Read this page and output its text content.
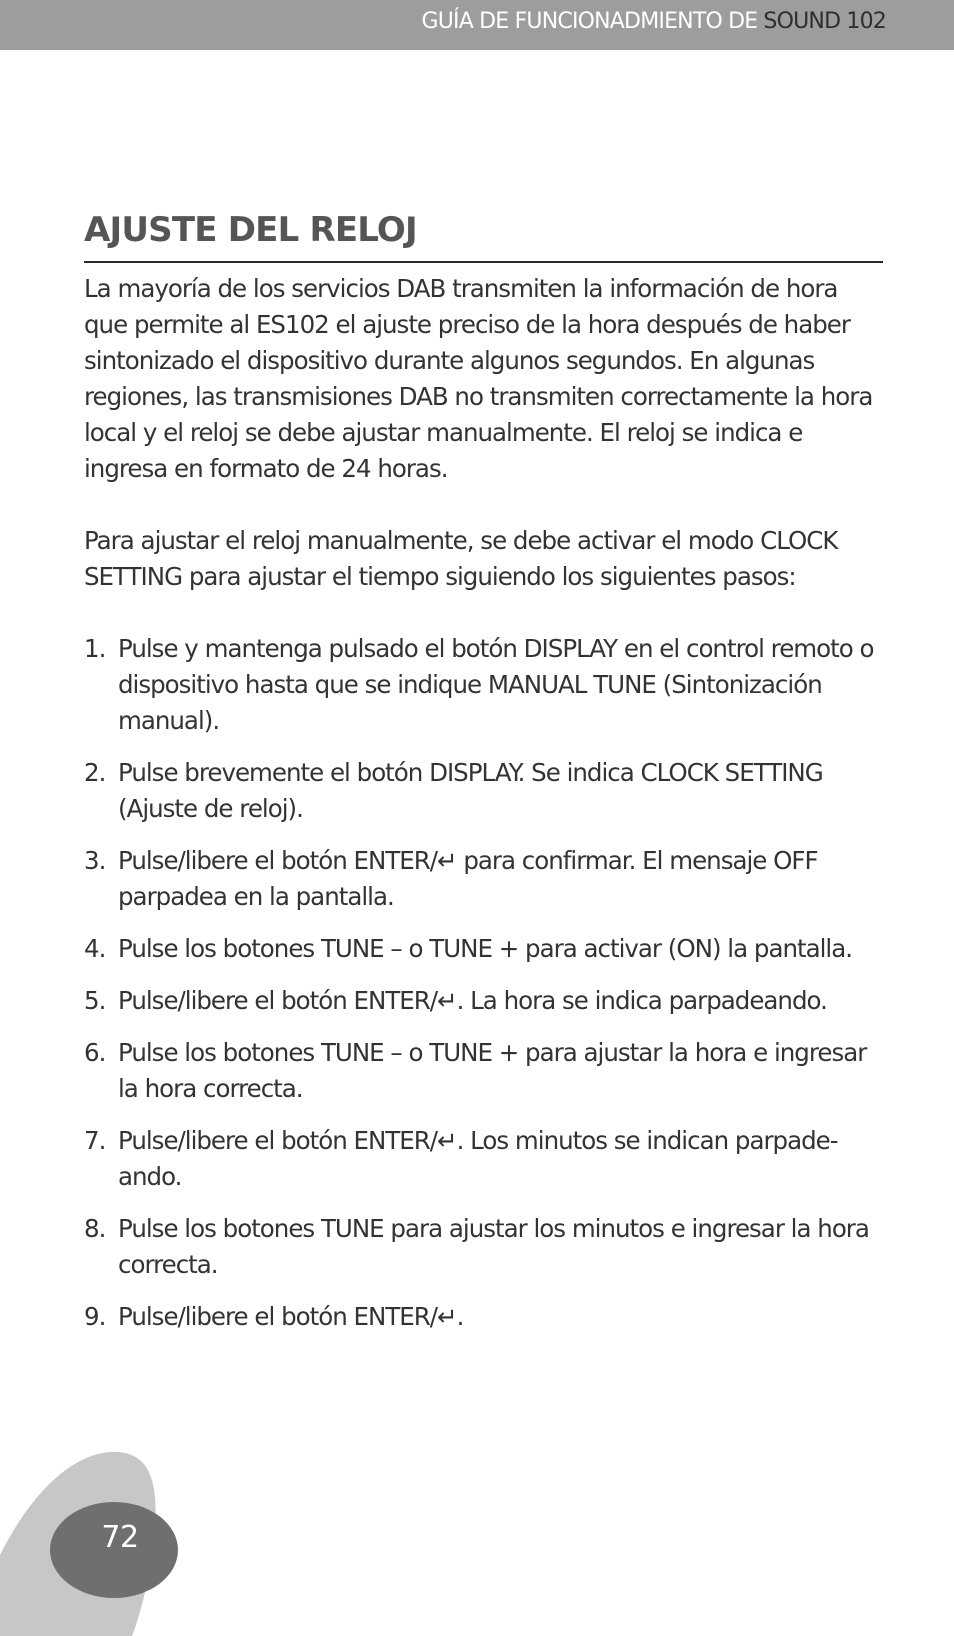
GUÍA DE FUNCIONADMIENTO DE SOUND 102
AJUSTE DEL RELOJ

La mayoría de los servicios DAB transmiten la información de hora que permite al ES102 el ajuste preciso de la hora después de haber sintonizado el dispositivo durante algunos segundos. En algunas regiones, las transmisiones DAB no transmiten correctamente la hora local y el reloj se debe ajustar manualmente. El reloj se indica e ingresa en formato de 24 horas.

Para ajustar el reloj manualmente, se debe activar el modo CLOCK SETTING para ajustar el tiempo siguiendo los siguientes pasos:

1. Pulse y mantenga pulsado el botón DISPLAY en el control remoto o dispositivo hasta que se indique MANUAL TUNE (Sintonización manual).
2. Pulse brevemente el botón DISPLAY. Se indica CLOCK SETTING (Ajuste de reloj).
3. Pulse/libere el botón ENTER/↵ para confirmar. El mensaje OFF parpadea en la pantalla.
4. Pulse los botones TUNE – o TUNE + para activar (ON) la pantalla.
5. Pulse/libere el botón ENTER/↵. La hora se indica parpadeando.
6. Pulse los botones TUNE – o TUNE + para ajustar la hora e ingresar la hora correcta.
7. Pulse/libere el botón ENTER/↵. Los minutos se indican parpade-ando.
8. Pulse los botones TUNE para ajustar los minutos e ingresar la hora correcta.
9. Pulse/libere el botón ENTER/↵.
72
